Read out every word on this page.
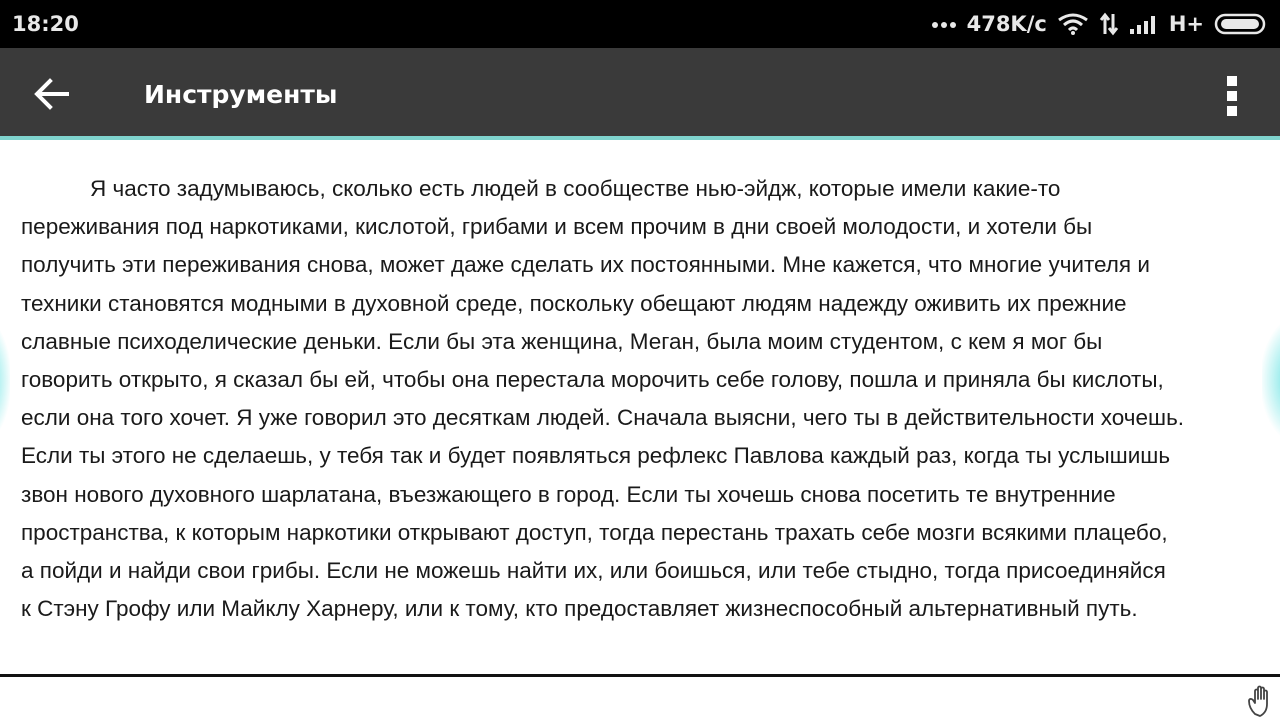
18:20	478K/c	H+
Инструменты
Я часто задумываюсь, сколько есть людей в сообществе нью-эйдж, которые имели какие-то
переживания под наркотиками, кислотой, грибами и всем прочим в дни своей молодости, и хотели бы
получить эти переживания снова, может даже сделать их постоянными. Мне кажется, что многие учителя и
техники становятся модными в духовной среде, поскольку обещают людям надежду оживить их прежние
славные психоделические деньки. Если бы эта женщина, Меган, была моим студентом, с кем я мог бы
говорить открыто, я сказал бы ей, чтобы она перестала морочить себе голову, пошла и приняла бы кислоты,
если она того хочет. Я уже говорил это десяткам людей. Сначала выясни, чего ты в действительности хочешь.
Если ты этого не сделаешь, у тебя так и будет появляться рефлекс Павлова каждый раз, когда ты услышишь
звон нового духовного шарлатана, въезжающего в город. Если ты хочешь снова посетить те внутренние
пространства, к которым наркотики открывают доступ, тогда перестань трахать себе мозги всякими плацебо,
а пойди и найди свои грибы. Если не можешь найти их, или боишься, или тебе стыдно, тогда присоединяйся
к Стэну Грофу или Майклу Харнеру, или к тому, кто предоставляет жизнеспособный альтернативный путь.
